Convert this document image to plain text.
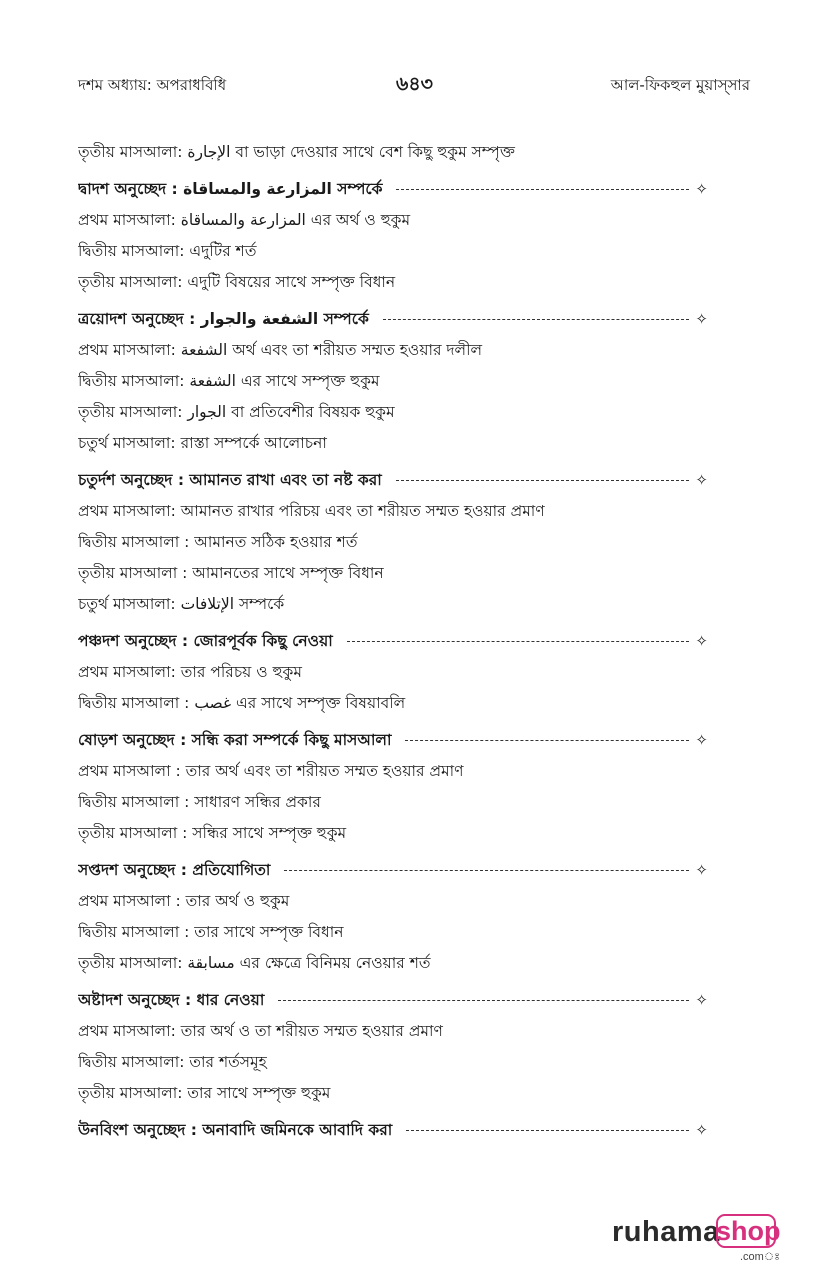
দশম অধ্যায়: অপরাধবিধি	৬৪৩	আল-ফিকহুল মুয়াস্সার
তৃতীয় মাসআলা: الإجارة বা ভাড়া দেওয়ার সাথে বেশ কিছু হুকুম সম্পৃক্ত
দ্বাদশ অনুচ্ছেদ : المزارعة والمساقاة সম্পর্কে	✧
প্রথম মাসআলা: المزارعة والمساقاة এর অর্থ ও হুকুম
দ্বিতীয় মাসআলা: এদুটির শর্ত
তৃতীয় মাসআলা: এদুটি বিষয়ের সাথে সম্পৃক্ত বিধান
ত্রয়োদশ অনুচ্ছেদ : الشفعة والجوار সম্পর্কে	✧
প্রথম মাসআলা: الشفعة অর্থ এবং তা শরীয়ত সম্মত হওয়ার দলীল
দ্বিতীয় মাসআলা: الشفعة এর সাথে সম্পৃক্ত হুকুম
তৃতীয় মাসআলা: الجوار বা প্রতিবেশীর বিষয়ক হুকুম
চতুর্থ মাসআলা: রাস্তা সম্পর্কে আলোচনা
চতুর্দশ অনুচ্ছেদ : আমানত রাখা এবং তা নষ্ট করা	✧
প্রথম মাসআলা: আমানত রাখার পরিচয় এবং তা শরীয়ত সম্মত হওয়ার প্রমাণ
দ্বিতীয় মাসআলা : আমানত সঠিক হওয়ার শর্ত
তৃতীয় মাসআলা : আমানতের সাথে সম্পৃক্ত বিধান
চতুর্থ মাসআলা: الإتلافات সম্পর্কে
পঞ্চদশ অনুচ্ছেদ : জোরপূর্বক কিছু নেওয়া	✧
প্রথম মাসআলা: তার পরিচয় ও হুকুম
দ্বিতীয় মাসআলা : غصب এর সাথে সম্পৃক্ত বিষয়াবলি
ষোড়শ অনুচ্ছেদ : সন্ধি করা সম্পর্কে কিছু মাসআলা	✧
প্রথম মাসআলা : তার অর্থ এবং তা শরীয়ত সম্মত হওয়ার প্রমাণ
দ্বিতীয় মাসআলা : সাধারণ সন্ধির প্রকার
তৃতীয় মাসআলা : সন্ধির সাথে সম্পৃক্ত হুকুম
সপ্তদশ অনুচ্ছেদ : প্রতিযোগিতা	✧
প্রথম মাসআলা : তার অর্থ ও হুকুম
দ্বিতীয় মাসআলা : তার সাথে সম্পৃক্ত বিধান
তৃতীয় মাসআলা: مسابقة এর ক্ষেত্রে বিনিময় নেওয়ার শর্ত
অষ্টাদশ অনুচ্ছেদ : ধার নেওয়া	✧
প্রথম মাসআলা: তার অর্থ ও তা শরীয়ত সম্মত হওয়ার প্রমাণ
দ্বিতীয় মাসআলা: তার শর্তসমূহ
তৃতীয় মাসআলা: তার সাথে সম্পৃক্ত হুকুম
উনবিংশ অনুচ্ছেদ : অনাবাদি জমিনকে আবাদি করা	✧
ruhama
shop
.comঃ
